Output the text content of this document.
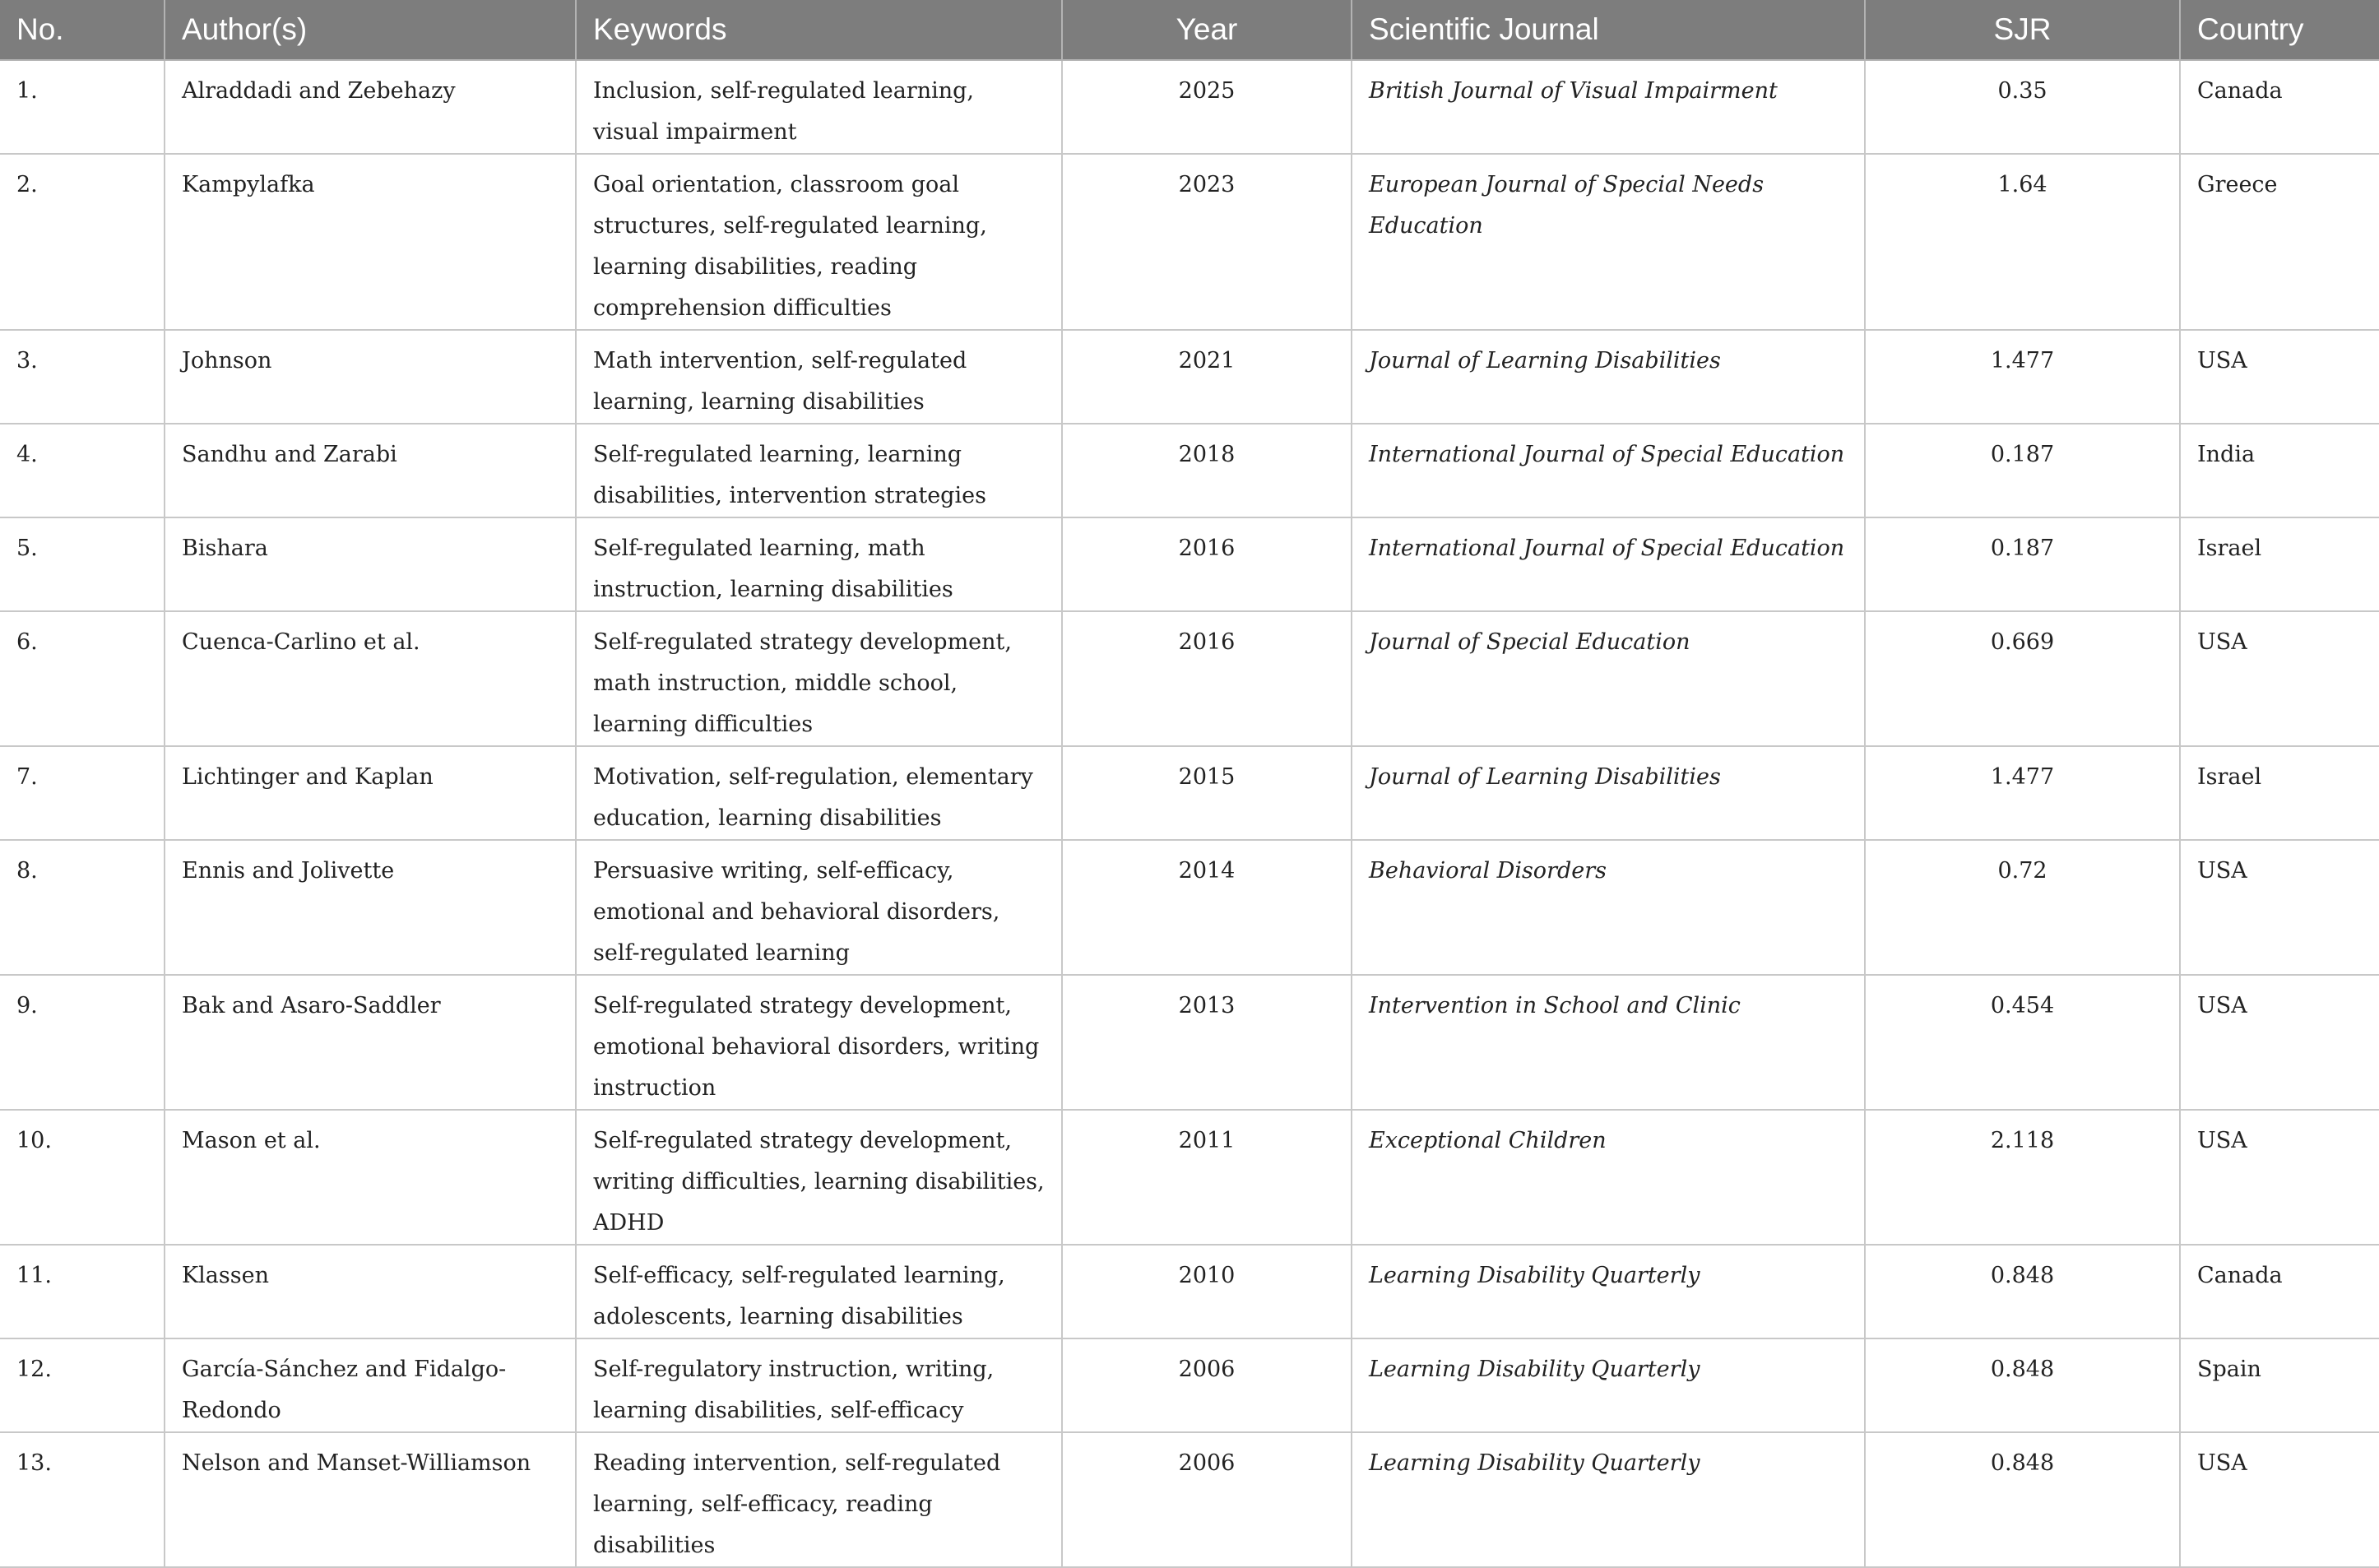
No.	Author(s)	Keywords	Year	Scientific Journal	SJR	Country
1.	Alraddadi and Zebehazy	Inclusion, self-regulated learning, visual impairment	2025	British Journal of Visual Impairment	0.35	Canada
2.	Kampylafka	Goal orientation, classroom goal structures, self-regulated learning, learning disabilities, reading comprehension difficulties	2023	European Journal of Special Needs Education	1.64	Greece
3.	Johnson	Math intervention, self-regulated learning, learning disabilities	2021	Journal of Learning Disabilities	1.477	USA
4.	Sandhu and Zarabi	Self-regulated learning, learning disabilities, intervention strategies	2018	International Journal of Special Education	0.187	India
5.	Bishara	Self-regulated learning, math instruction, learning disabilities	2016	International Journal of Special Education	0.187	Israel
6.	Cuenca-Carlino et al.	Self-regulated strategy development, math instruction, middle school, learning difficulties	2016	Journal of Special Education	0.669	USA
7.	Lichtinger and Kaplan	Motivation, self-regulation, elementary education, learning disabilities	2015	Journal of Learning Disabilities	1.477	Israel
8.	Ennis and Jolivette	Persuasive writing, self-efficacy, emotional and behavioral disorders, self-regulated learning	2014	Behavioral Disorders	0.72	USA
9.	Bak and Asaro-Saddler	Self-regulated strategy development, emotional behavioral disorders, writing instruction	2013	Intervention in School and Clinic	0.454	USA
10.	Mason et al.	Self-regulated strategy development, writing difficulties, learning disabilities, ADHD	2011	Exceptional Children	2.118	USA
11.	Klassen	Self-efficacy, self-regulated learning, adolescents, learning disabilities	2010	Learning Disability Quarterly	0.848	Canada
12.	García-Sánchez and Fidalgo-Redondo	Self-regulatory instruction, writing, learning disabilities, self-efficacy	2006	Learning Disability Quarterly	0.848	Spain
13.	Nelson and Manset-Williamson	Reading intervention, self-regulated learning, self-efficacy, reading disabilities	2006	Learning Disability Quarterly	0.848	USA
